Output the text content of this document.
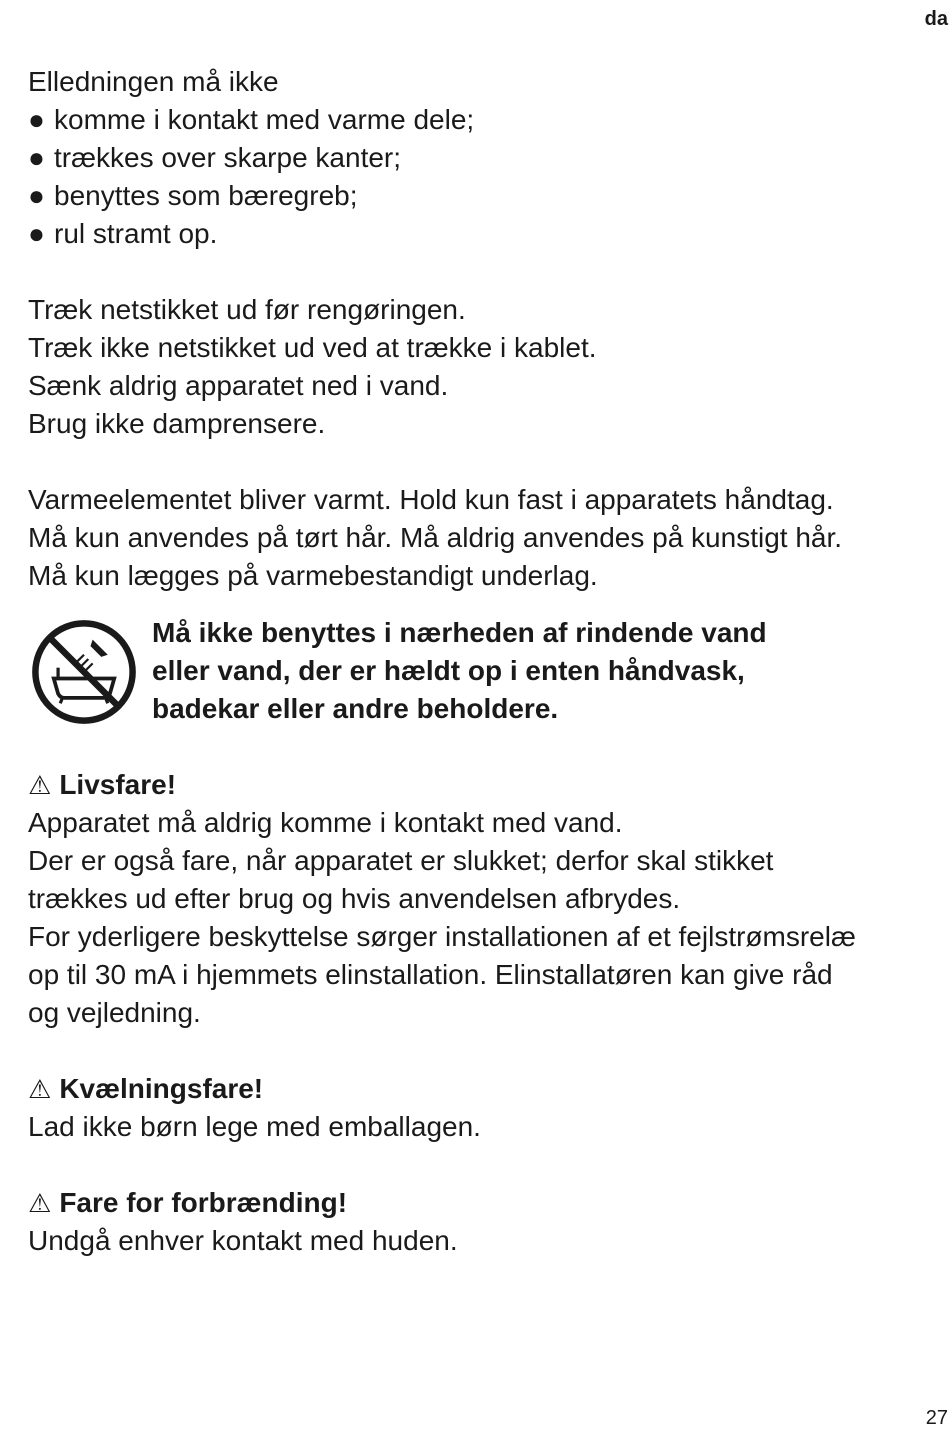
da
Elledningen må ikke
● komme i kontakt med varme dele;
● trækkes over skarpe kanter;
● benyttes som bæregreb;
● rul stramt op.
Træk netstikket ud før rengøringen.
Træk ikke netstikket ud ved at trække i kablet.
Sænk aldrig apparatet ned i vand.
Brug ikke damprensere.
Varmeelementet bliver varmt. Hold kun fast i apparatets håndtag.
Må kun anvendes på tørt hår. Må aldrig anvendes på kunstigt hår.
Må kun lægges på varmebestandigt underlag.
Må ikke benyttes i nærheden af rindende vand
eller vand, der er hældt op i enten håndvask,
badekar eller andre beholdere.
⚠ Livsfare!
Apparatet må aldrig komme i kontakt med vand.
Der er også fare, når apparatet er slukket; derfor skal stikket
trækkes ud efter brug og hvis anvendelsen afbrydes.
For yderligere beskyttelse sørger installationen af et fejlstrømsrelæ
op til 30 mA i hjemmets elinstallation. Elinstallatøren kan give råd
og vejledning.
⚠ Kvælningsfare!
Lad ikke børn lege med emballagen.
⚠ Fare for forbrænding!
Undgå enhver kontakt med huden.
27
